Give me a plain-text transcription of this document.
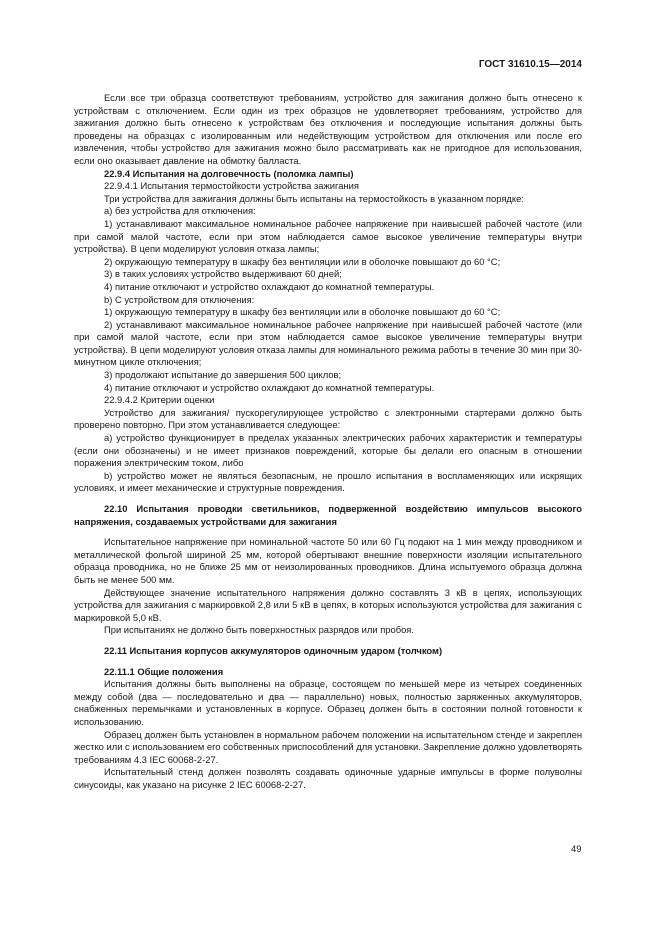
ГОСТ 31610.15—2014

Если все три образца соответствуют требованиям, устройство для зажигания должно быть отнесено к устройствам с отключением. Если один из трех образцов не удовлетворяет требованиям, устройство для зажигания должно быть отнесено к устройствам без отключения и последующие испытания должны быть проведены на образцах с изолированным или недействующим устройством для отключения или после его извлечения, чтобы устройство для зажигания можно было рассматривать как не пригодное для использования, если оно оказывает давление на обмотку балласта.

22.9.4 Испытания на долговечность (поломка лампы)

22.9.4.1 Испытания термостойкости устройства зажигания

Три устройства для зажигания должны быть испытаны на термостойкость в указанном порядке:

a) без устройства для отключения:

1) устанавливают максимальное номинальное рабочее напряжение при наивысшей рабочей частоте (или при самой малой частоте, если при этом наблюдается самое высокое увеличение температуры внутри устройства). В цепи моделируют условия отказа лампы;

2) окружающую температуру в шкафу без вентиляции или в оболочке повышают до 60 °C;

3) в таких условиях устройство выдерживают 60 дней;

4) питание отключают и устройство охлаждают до комнатной температуры.

b) С устройством для отключения:

1) окружающую температуру в шкафу без вентиляции или в оболочке повышают до 60 °C;

2) устанавливают максимальное номинальное рабочее напряжение при наивысшей рабочей частоте (или при самой малой частоте, если при этом наблюдается самое высокое увеличение температуры внутри устройства). В цепи моделируют условия отказа лампы для номинального режима работы в течение 30 мин при 30-минутном цикле отключения;

3) продолжают испытание до завершения 500 циклов;

4) питание отключают и устройство охлаждают до комнатной температуры.

22.9.4.2 Критерии оценки

Устройство для зажигания/ пускорегулирующее устройство с электронными стартерами должно быть проверено повторно. При этом устанавливается следующее:

а) устройство функционирует в пределах указанных электрических рабочих характеристик и температуры (если они обозначены) и не имеет признаков повреждений, которые бы делали его опасным в отношении поражения электрическим током, либо

b) устройство может не являться безопасным, не прошло испытания в воспламеняющих или искрящих условиях, и имеет механические и структурные повреждения.

22.10 Испытания проводки светильников, подверженной воздействию импульсов высокого напряжения, создаваемых устройствами для зажигания

Испытательное напряжение при номинальной частоте 50 или 60 Гц подают на 1 мин между проводником и металлической фольгой шириной 25 мм, которой обертывают внешние поверхности изоляции испытательного образца проводника, но не ближе 25 мм от неизолированных проводников. Длина испытуемого образца должна быть не менее 500 мм.

Действующее значение испытательного напряжения должно составлять 3 кВ в цепях, использующих устройства для зажигания с маркировкой 2,8 или 5 кВ в цепях, в которых используются устройства для зажигания с маркировкой 5,0 кВ.

При испытаниях не должно быть поверхностных разрядов или пробоя.

22.11 Испытания корпусов аккумуляторов одиночным ударом (толчком)

22.11.1 Общие положения

Испытания должны быть выполнены на образце, состоящем по меньшей мере из четырех соединенных между собой (два — последовательно и два — параллельно) новых, полностью заряженных аккумуляторов, снабженных перемычками и установленных в корпусе. Образец должен быть в состоянии полной готовности к использованию.

Образец должен быть установлен в нормальном рабочем положении на испытательном стенде и закреплен жестко или с использованием его собственных приспособлений для установки. Закрепление должно удовлетворять требованиям 4.3 IEC 60068-2-27.

Испытательный стенд должен позволять создавать одиночные ударные импульсы в форме полуволны синусоиды, как указано на рисунке 2 IEC 60068-2-27.

49
